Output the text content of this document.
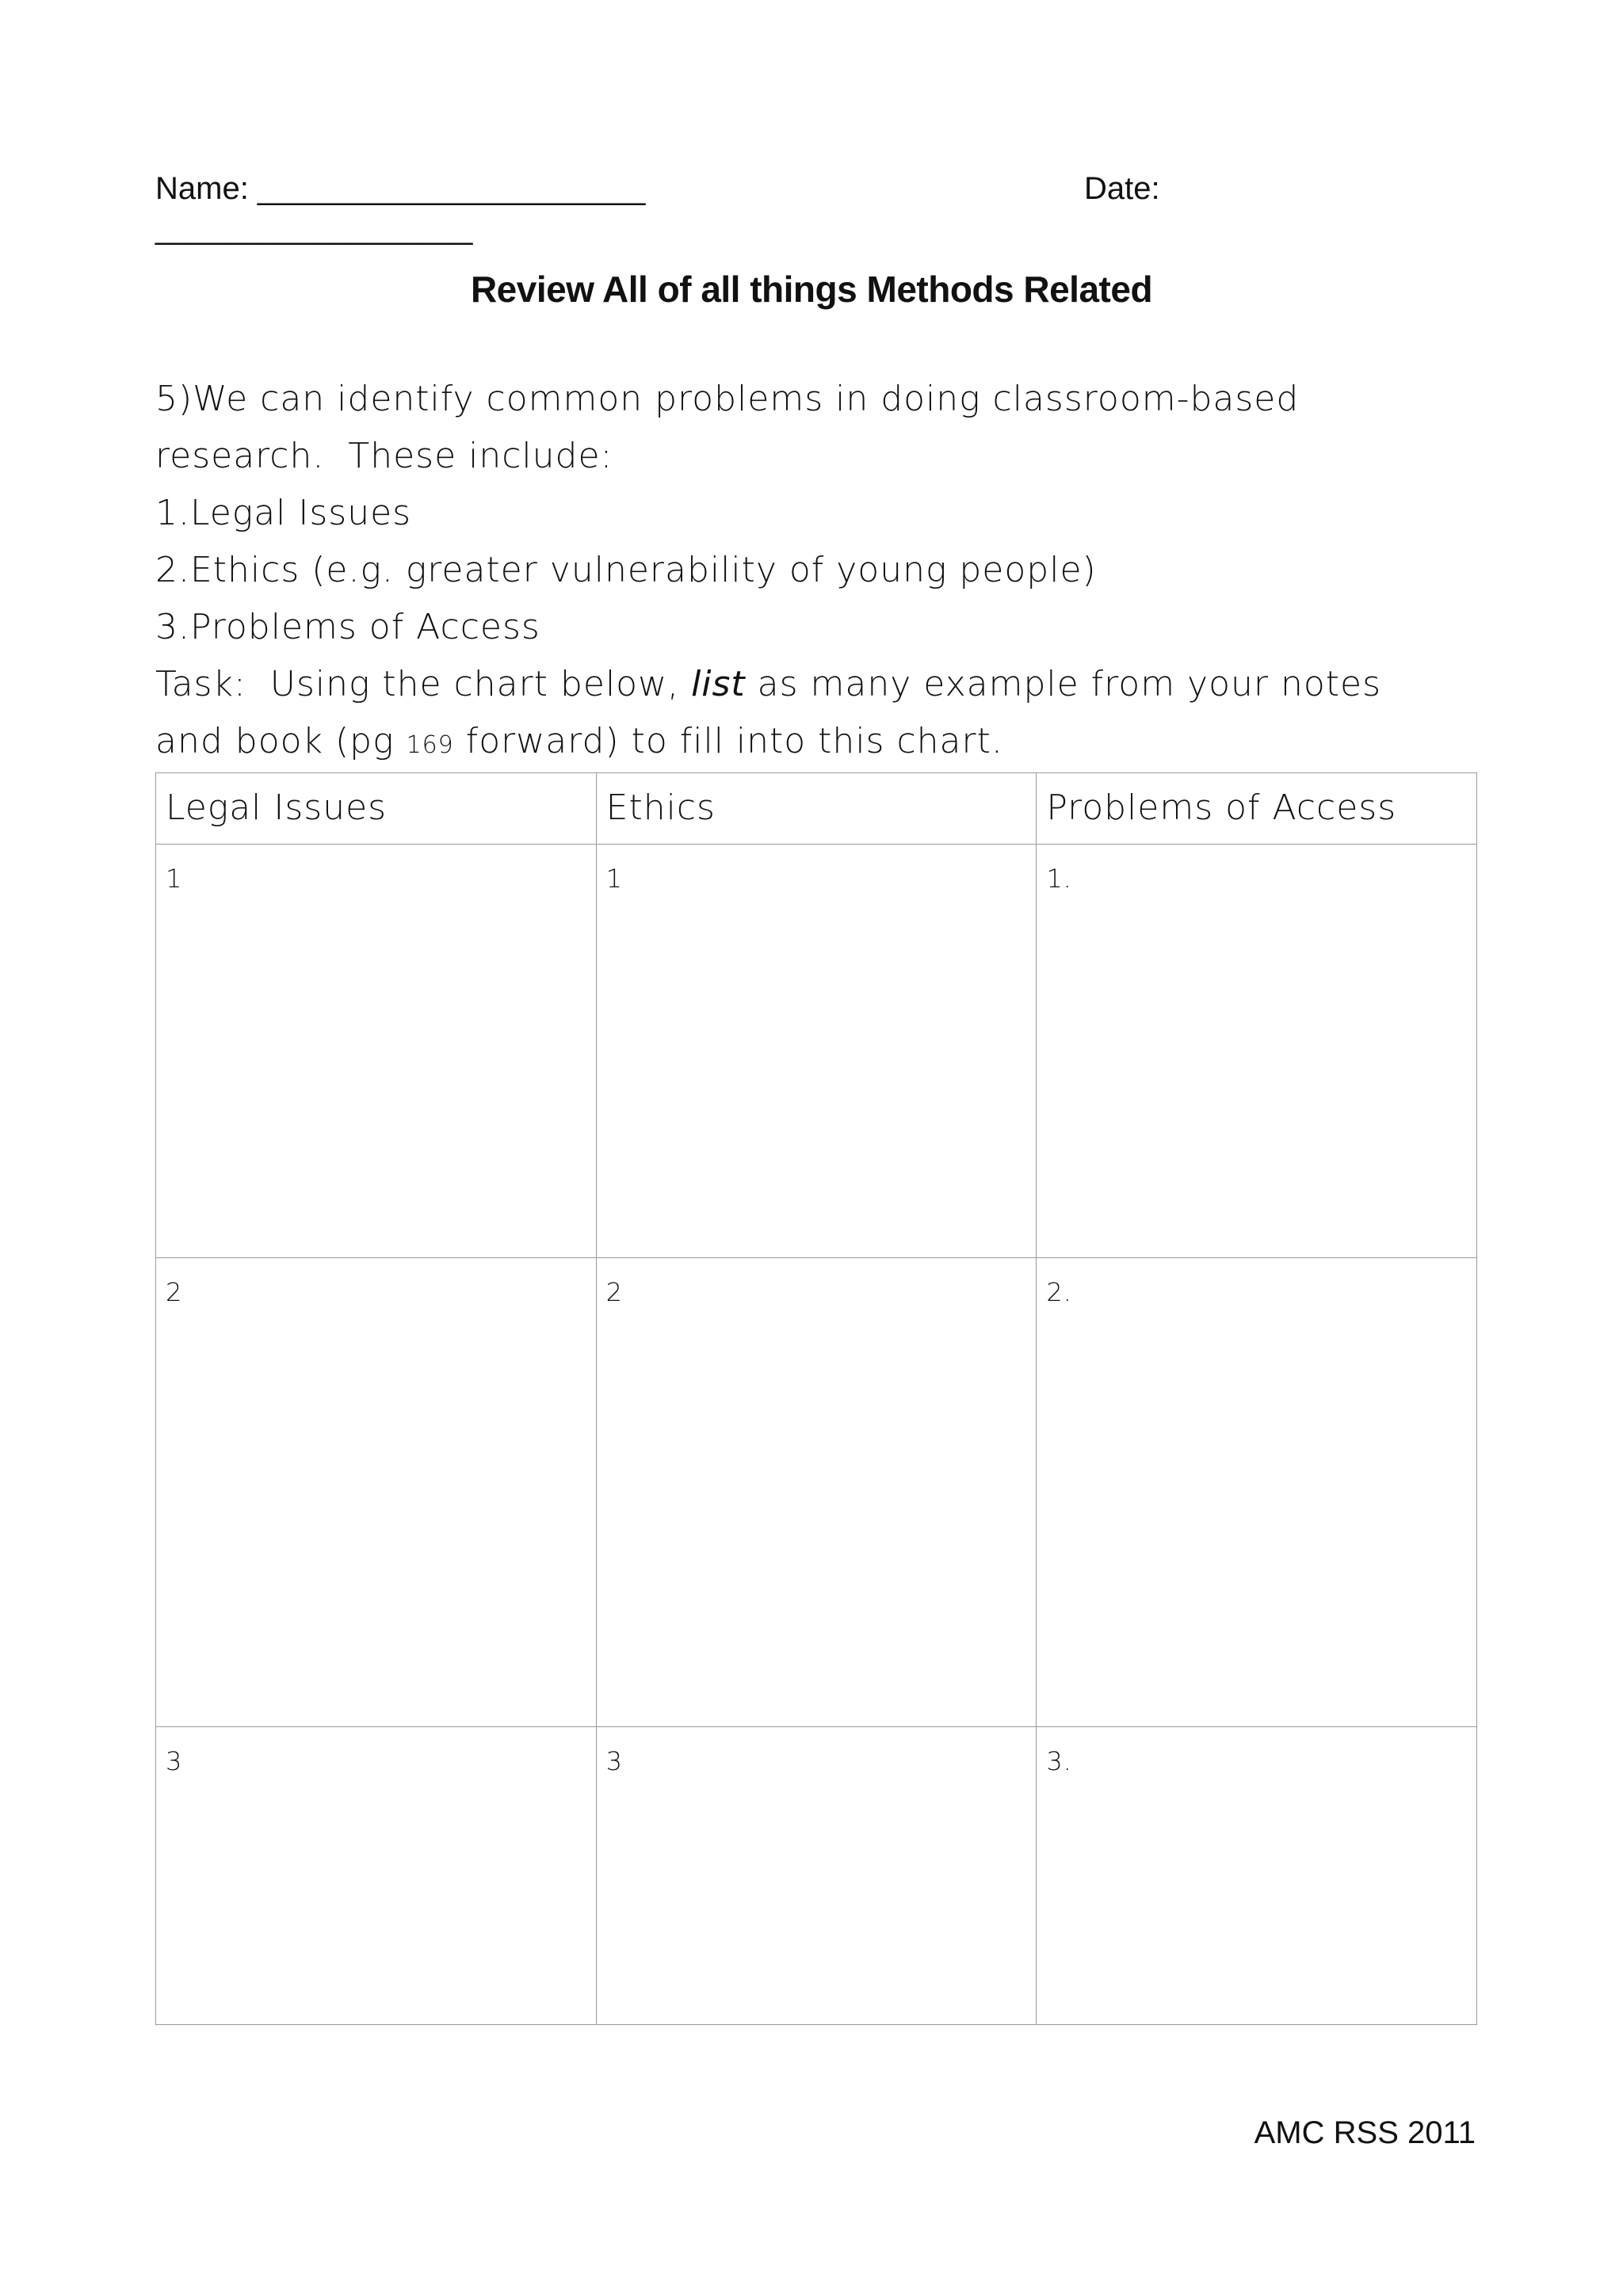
Name: ______________________	Date:
__________________
Review All of all things Methods Related
5)We can identify common problems in doing classroom-based
research.  These include:
1.Legal Issues
2.Ethics (e.g. greater vulnerability of young people)
3.Problems of Access
Task:  Using the chart below, list as many example from your notes
and book (pg 169 forward) to fill into this chart.
Legal Issues	Ethics	Problems of Access
1	1	1.
2	2	2.
3	3	3.
AMC RSS 2011
